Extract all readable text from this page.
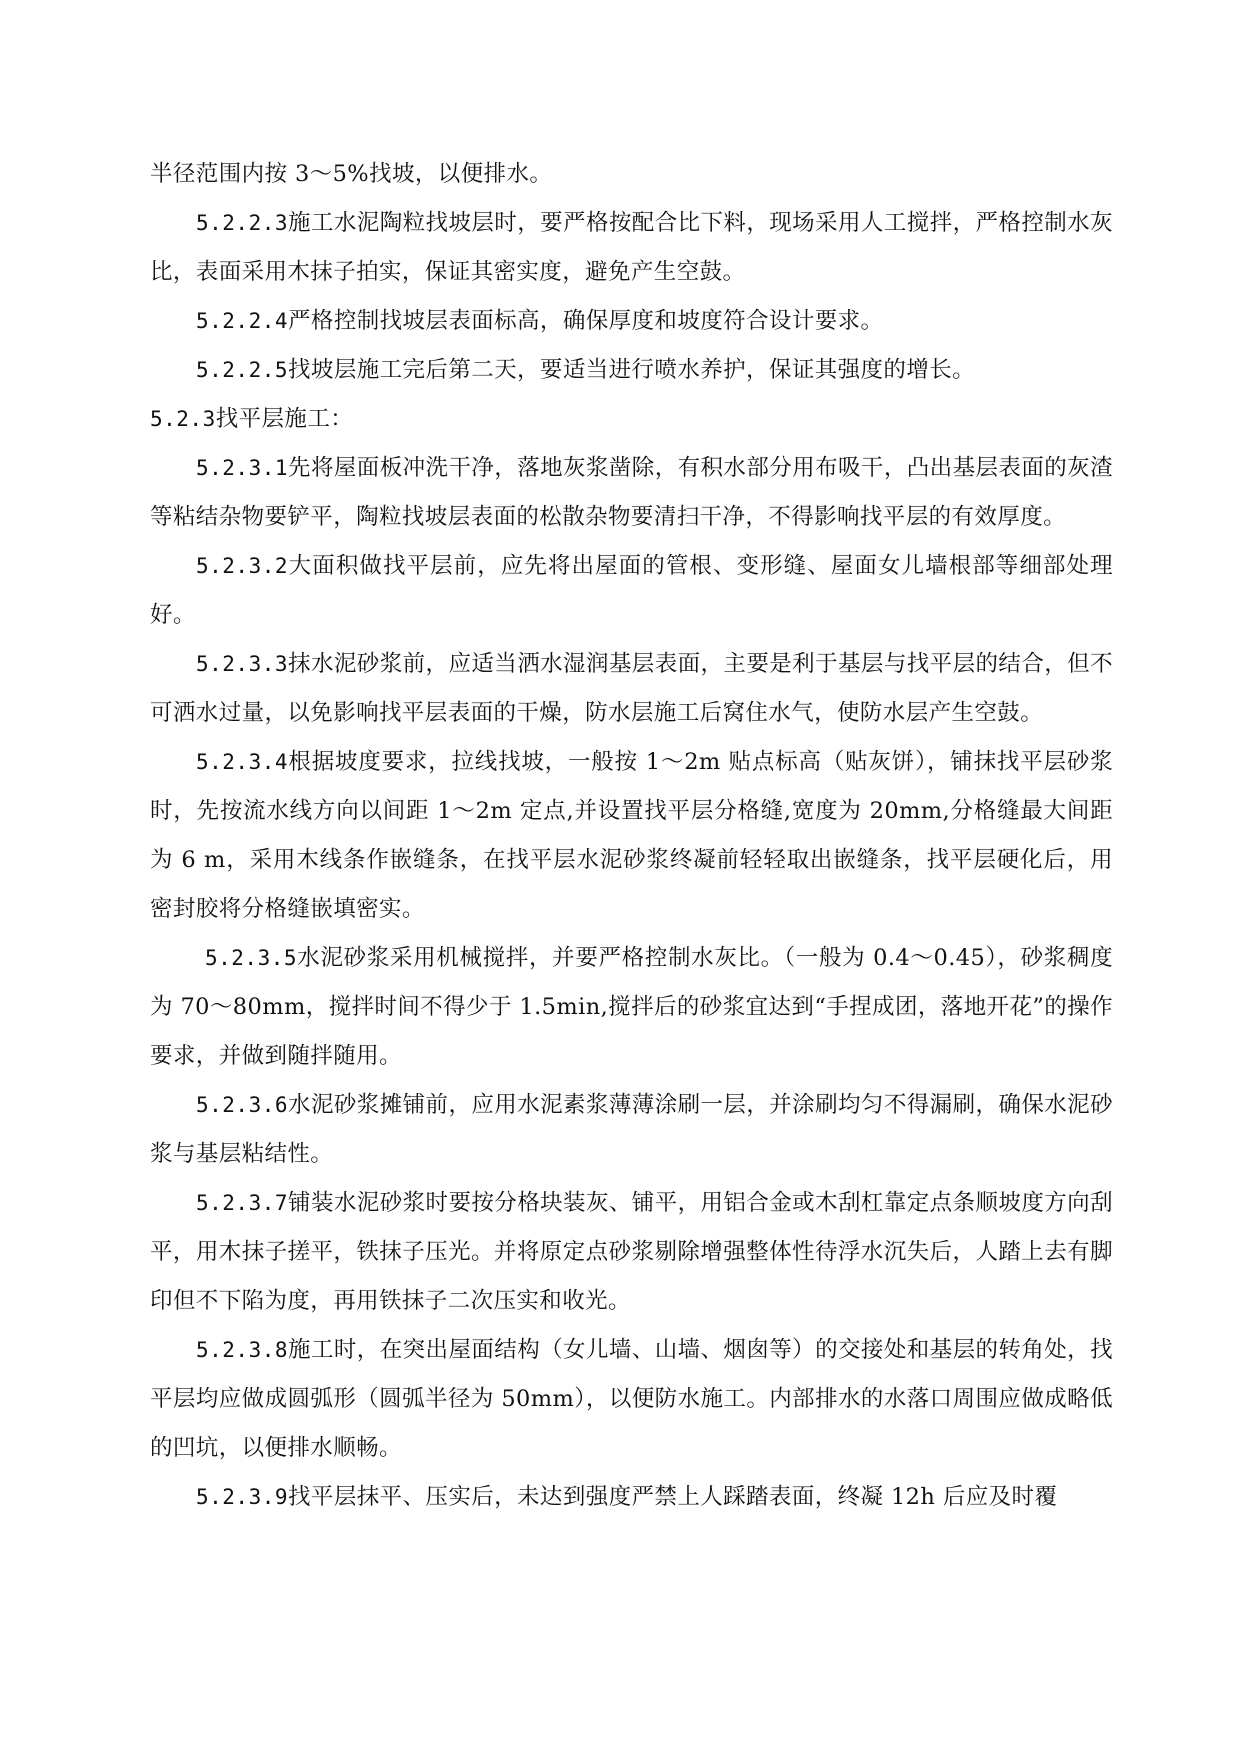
半径范围内按 3～5%找坡，以便排水。

5.2.2.3施工水泥陶粒找坡层时，要严格按配合比下料，现场采用人工搅拌，严格控制水灰比，表面采用木抹子拍实，保证其密实度，避免产生空鼓。

5.2.2.4严格控制找坡层表面标高，确保厚度和坡度符合设计要求。

5.2.2.5找坡层施工完后第二天，要适当进行喷水养护，保证其强度的增长。

5.2.3找平层施工：

5.2.3.1先将屋面板冲洗干净，落地灰浆凿除，有积水部分用布吸干，凸出基层表面的灰渣等粘结杂物要铲平，陶粒找坡层表面的松散杂物要清扫干净，不得影响找平层的有效厚度。

5.2.3.2大面积做找平层前，应先将出屋面的管根、变形缝、屋面女儿墙根部等细部处理好。

5.2.3.3抹水泥砂浆前，应适当洒水湿润基层表面，主要是利于基层与找平层的结合，但不可洒水过量，以免影响找平层表面的干燥，防水层施工后窝住水气，使防水层产生空鼓。

5.2.3.4根据坡度要求，拉线找坡，一般按 1～2m 贴点标高（贴灰饼），铺抹找平层砂浆时，先按流水线方向以间距 1～2m 定点,并设置找平层分格缝,宽度为 20mm,分格缝最大间距为 6 m，采用木线条作嵌缝条，在找平层水泥砂浆终凝前轻轻取出嵌缝条，找平层硬化后，用密封胶将分格缝嵌填密实。

5.2.3.5水泥砂浆采用机械搅拌，并要严格控制水灰比。（一般为 0.4～0.45），砂浆稠度为 70～80mm，搅拌时间不得少于 1.5min,搅拌后的砂浆宜达到“手捏成团，落地开花”的操作要求，并做到随拌随用。

5.2.3.6水泥砂浆摊铺前，应用水泥素浆薄薄涂刷一层，并涂刷均匀不得漏刷，确保水泥砂浆与基层粘结性。

5.2.3.7铺装水泥砂浆时要按分格块装灰、铺平，用铝合金或木刮杠靠定点条顺坡度方向刮平，用木抹子搓平，铁抹子压光。并将原定点砂浆剔除增强整体性待浮水沉失后，人踏上去有脚印但不下陷为度，再用铁抹子二次压实和收光。

5.2.3.8施工时，在突出屋面结构（女儿墙、山墙、烟囱等）的交接处和基层的转角处，找平层均应做成圆弧形（圆弧半径为 50mm），以便防水施工。内部排水的水落口周围应做成略低的凹坑，以便排水顺畅。

5.2.3.9找平层抹平、压实后，未达到强度严禁上人踩踏表面，终凝 12h 后应及时覆
